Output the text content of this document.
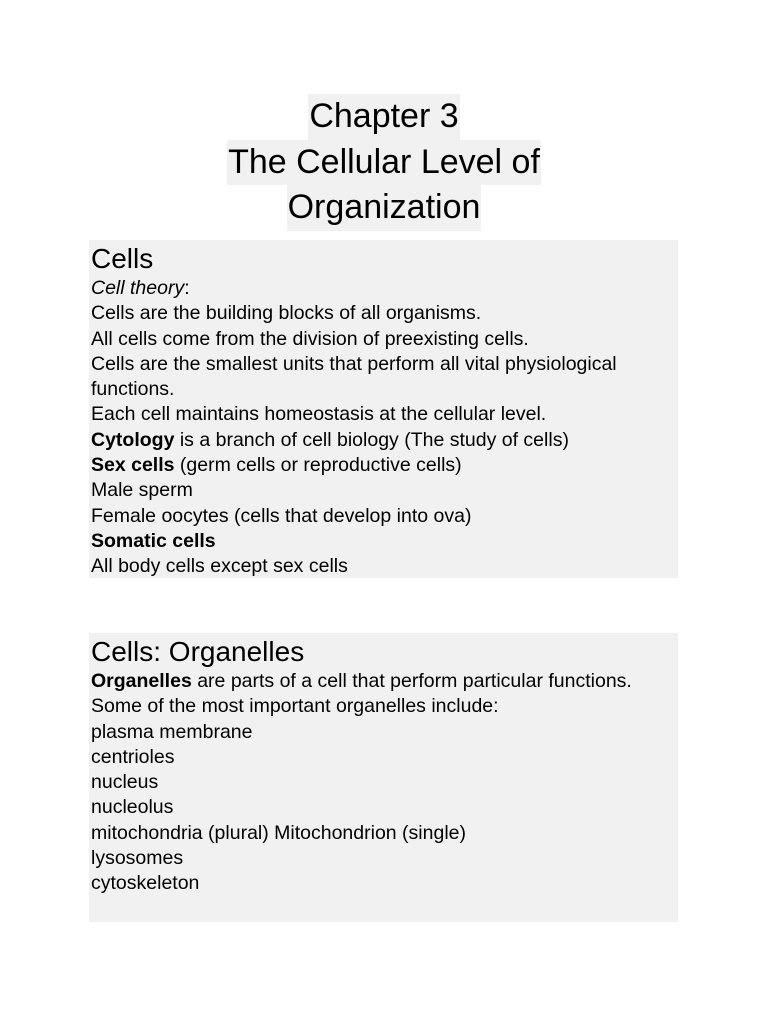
Chapter 3
The Cellular Level of
Organization
Cells
Cell theory:
Cells are the building blocks of all organisms.
All cells come from the division of preexisting cells.
Cells are the smallest units that perform all vital physiological functions.
Each cell maintains homeostasis at the cellular level.
Cytology is a branch of cell biology (The study of cells)
Sex cells (germ cells or reproductive cells)
Male sperm
Female oocytes (cells that develop into ova)
Somatic cells
All body cells except sex cells
Cells: Organelles
Organelles are parts of a cell that perform particular functions.
Some of the most important organelles include:
plasma membrane
centrioles
nucleus
nucleolus
mitochondria (plural) Mitochondrion (single)
lysosomes
cytoskeleton
